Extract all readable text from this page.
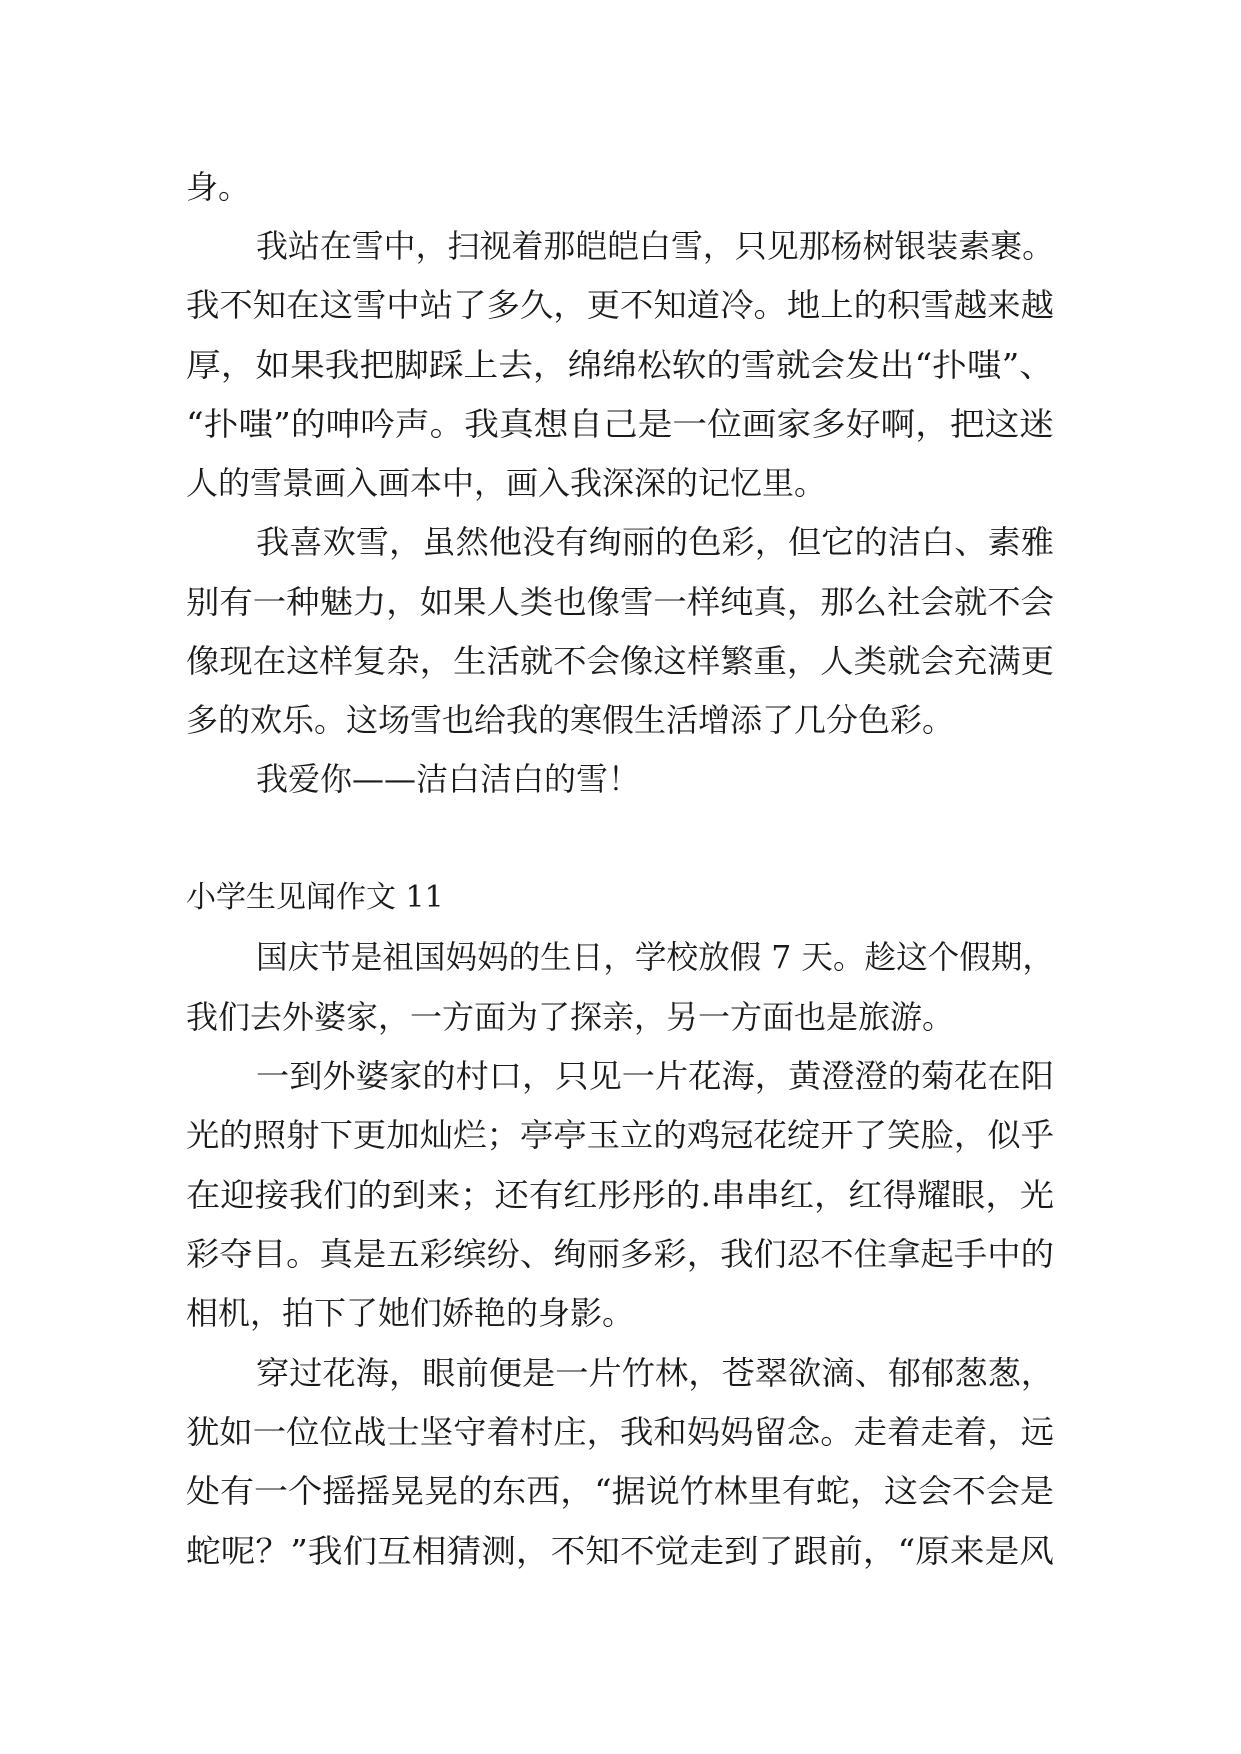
身。
我站在雪中，扫视着那皑皑白雪，只见那杨树银装素裹。
我不知在这雪中站了多久，更不知道冷。地上的积雪越来越
厚，如果我把脚踩上去，绵绵松软的雪就会发出“扑嗤”、
“扑嗤”的呻吟声。我真想自己是一位画家多好啊，把这迷
人的雪景画入画本中，画入我深深的记忆里。
我喜欢雪，虽然他没有绚丽的色彩，但它的洁白、素雅
别有一种魅力，如果人类也像雪一样纯真，那么社会就不会
像现在这样复杂，生活就不会像这样繁重，人类就会充满更
多的欢乐。这场雪也给我的寒假生活增添了几分色彩。
我爱你——洁白洁白的雪！
小学生见闻作文 11
国庆节是祖国妈妈的生日，学校放假 7 天。趁这个假期，
我们去外婆家，一方面为了探亲，另一方面也是旅游。
一到外婆家的村口，只见一片花海，黄澄澄的菊花在阳
光的照射下更加灿烂；亭亭玉立的鸡冠花绽开了笑脸，似乎
在迎接我们的到来；还有红彤彤的.串串红，红得耀眼，光
彩夺目。真是五彩缤纷、绚丽多彩，我们忍不住拿起手中的
相机，拍下了她们娇艳的身影。
穿过花海，眼前便是一片竹林，苍翠欲滴、郁郁葱葱，
犹如一位位战士坚守着村庄，我和妈妈留念。走着走着，远
处有一个摇摇晃晃的东西，“据说竹林里有蛇，这会不会是
蛇呢？”我们互相猜测，不知不觉走到了跟前，“原来是风
